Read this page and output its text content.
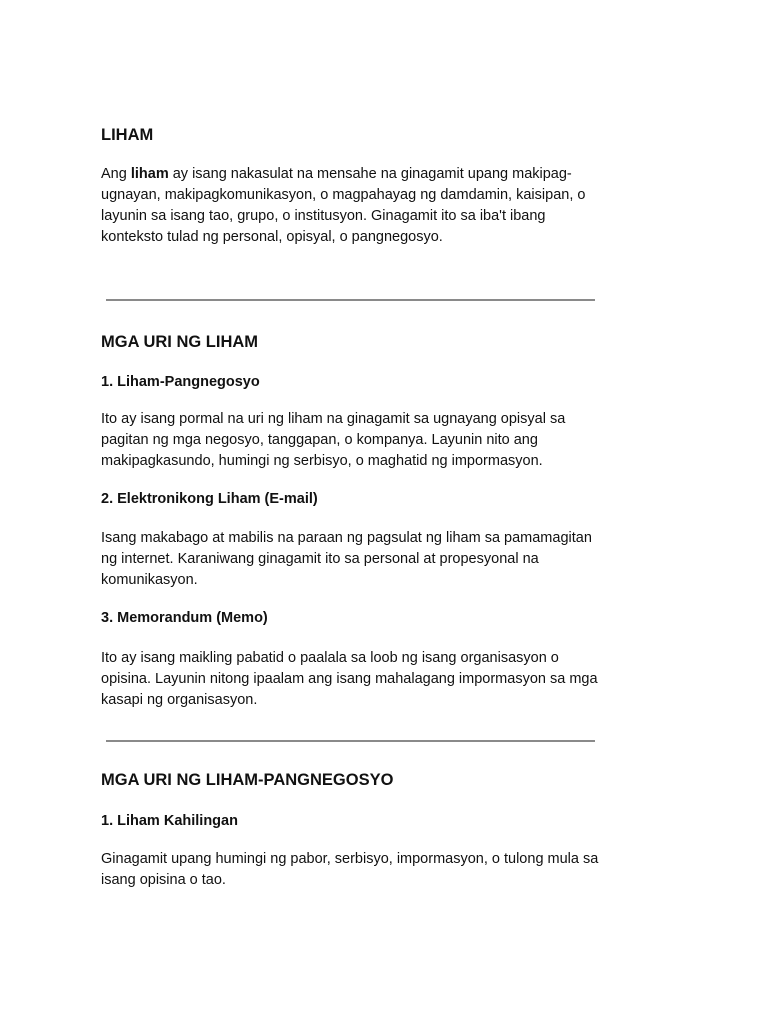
LIHAM

Ang liham ay isang nakasulat na mensahe na ginagamit upang makipag-ugnayan, makipagkomunikasyon, o magpahayag ng damdamin, kaisipan, o layunin sa isang tao, grupo, o institusyon. Ginagamit ito sa iba't ibang konteksto tulad ng personal, opisyal, o pangnegosyo.

MGA URI NG LIHAM
1. Liham-Pangnegosyo

Ito ay isang pormal na uri ng liham na ginagamit sa ugnayang opisyal sa pagitan ng mga negosyo, tanggapan, o kompanya. Layunin nito ang makipagkasundo, humingi ng serbisyo, o maghatid ng impormasyon.

2. Elektronikong Liham (E-mail)

Isang makabago at mabilis na paraan ng pagsulat ng liham sa pamamagitan ng internet. Karaniwang ginagamit ito sa personal at propesyonal na komunikasyon.

3. Memorandum (Memo)

Ito ay isang maikling pabatid o paalala sa loob ng isang organisasyon o opisina. Layunin nitong ipaalam ang isang mahalagang impormasyon sa mga kasapi ng organisasyon.

MGA URI NG LIHAM-PANGNEGOSYO
1. Liham Kahilingan

Ginagamit upang humingi ng pabor, serbisyo, impormasyon, o tulong mula sa isang opisina o tao.
